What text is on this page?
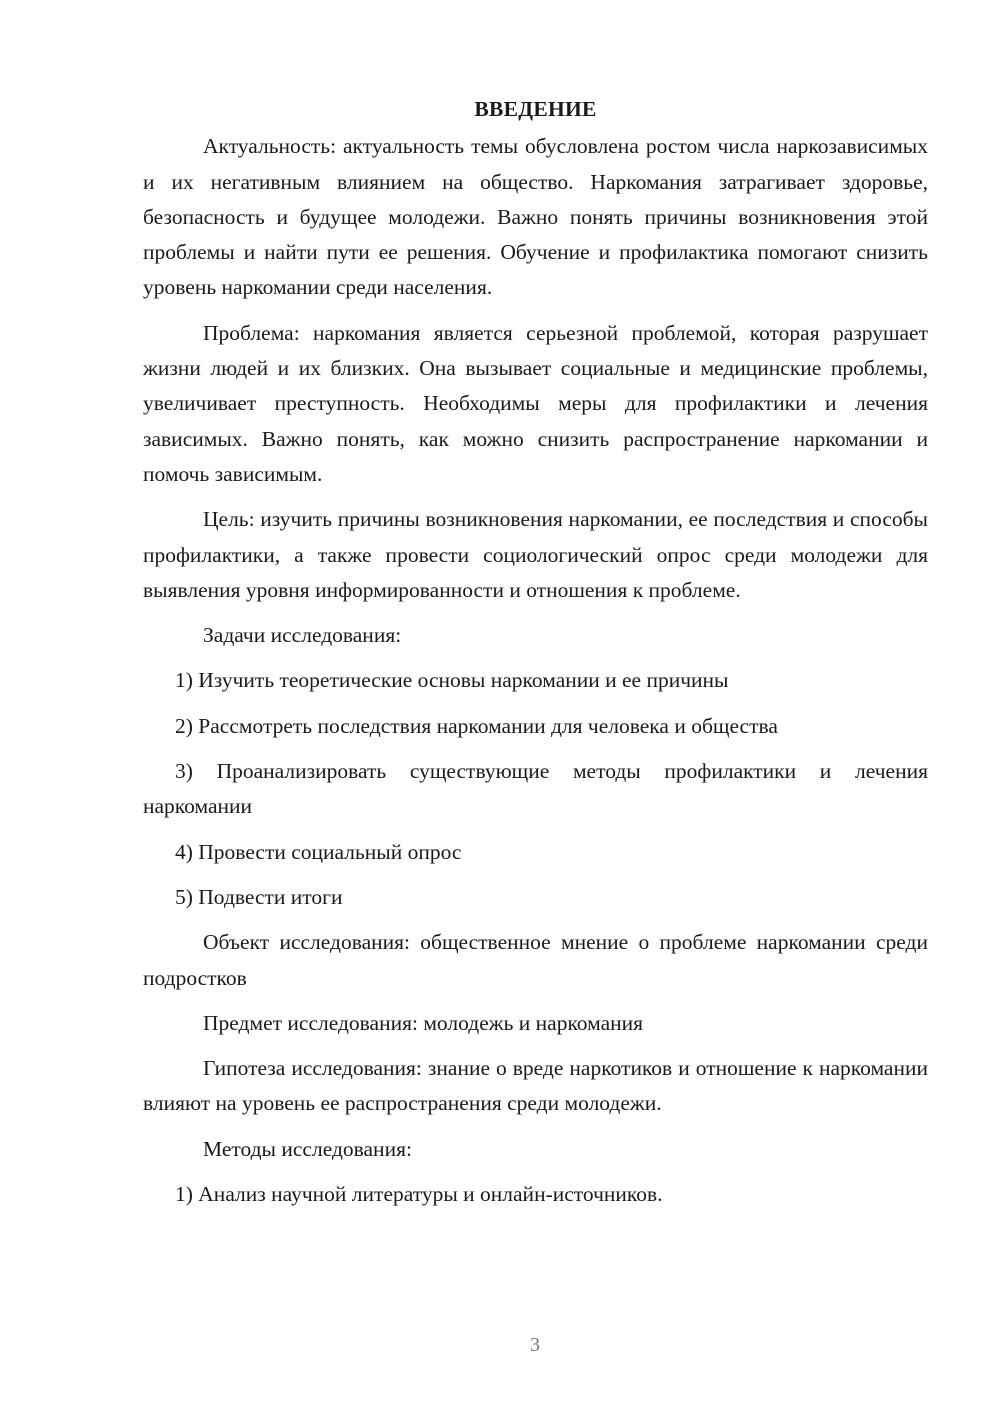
ВВЕДЕНИЕ

Актуальность: актуальность темы обусловлена ростом числа наркозависимых и их негативным влиянием на общество. Наркомания затрагивает здоровье, безопасность и будущее молодежи. Важно понять причины возникновения этой проблемы и найти пути ее решения. Обучение и профилактика помогают снизить уровень наркомании среди населения.

Проблема: наркомания является серьезной проблемой, которая разрушает жизни людей и их близких. Она вызывает социальные и медицинские проблемы, увеличивает преступность. Необходимы меры для профилактики и лечения зависимых. Важно понять, как можно снизить распространение наркомании и помочь зависимым.

Цель: изучить причины возникновения наркомании, ее последствия и способы профилактики, а также провести социологический опрос среди молодежи для выявления уровня информированности и отношения к проблеме.

Задачи исследования:

1) Изучить теоретические основы наркомании и ее причины

2) Рассмотреть последствия наркомании для человека и общества

3) Проанализировать существующие методы профилактики и лечения наркомании

4) Провести социальный опрос

5) Подвести итоги

Объект исследования: общественное мнение о проблеме наркомании среди подростков

Предмет исследования: молодежь и наркомания

Гипотеза исследования: знание о вреде наркотиков и отношение к наркомании влияют на уровень ее распространения среди молодежи.

Методы исследования:

1) Анализ научной литературы и онлайн-источников.

3
